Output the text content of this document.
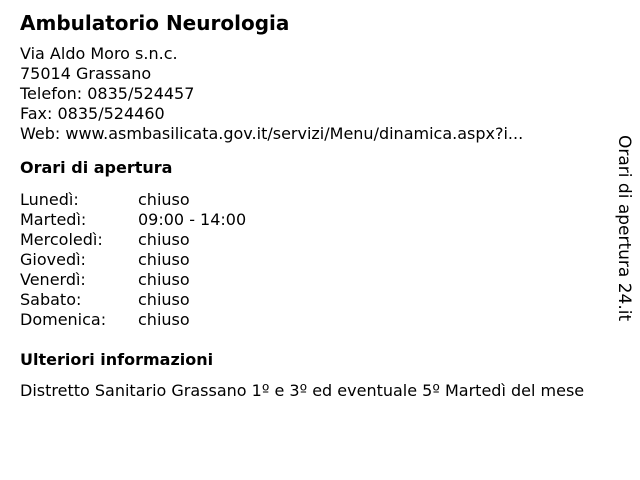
Ambulatorio Neurologia
Via Aldo Moro s.n.c.
75014 Grassano
Telefon: 0835/524457
Fax: 0835/524460
Web: www.asmbasilicata.gov.it/servizi/Menu/dinamica.aspx?i...
Orari di apertura
Lunedì:	chiuso
Martedì:	09:00 - 14:00
Mercoledì: chiuso
Giovedì:	chiuso
Venerdì:	chiuso
Sabato:	chiuso
Domenica: chiuso
Ulteriori informazioni
Distretto Sanitario Grassano 1º e 3º ed eventuale 5º Martedì del mese
Orari di apertura 24.it
